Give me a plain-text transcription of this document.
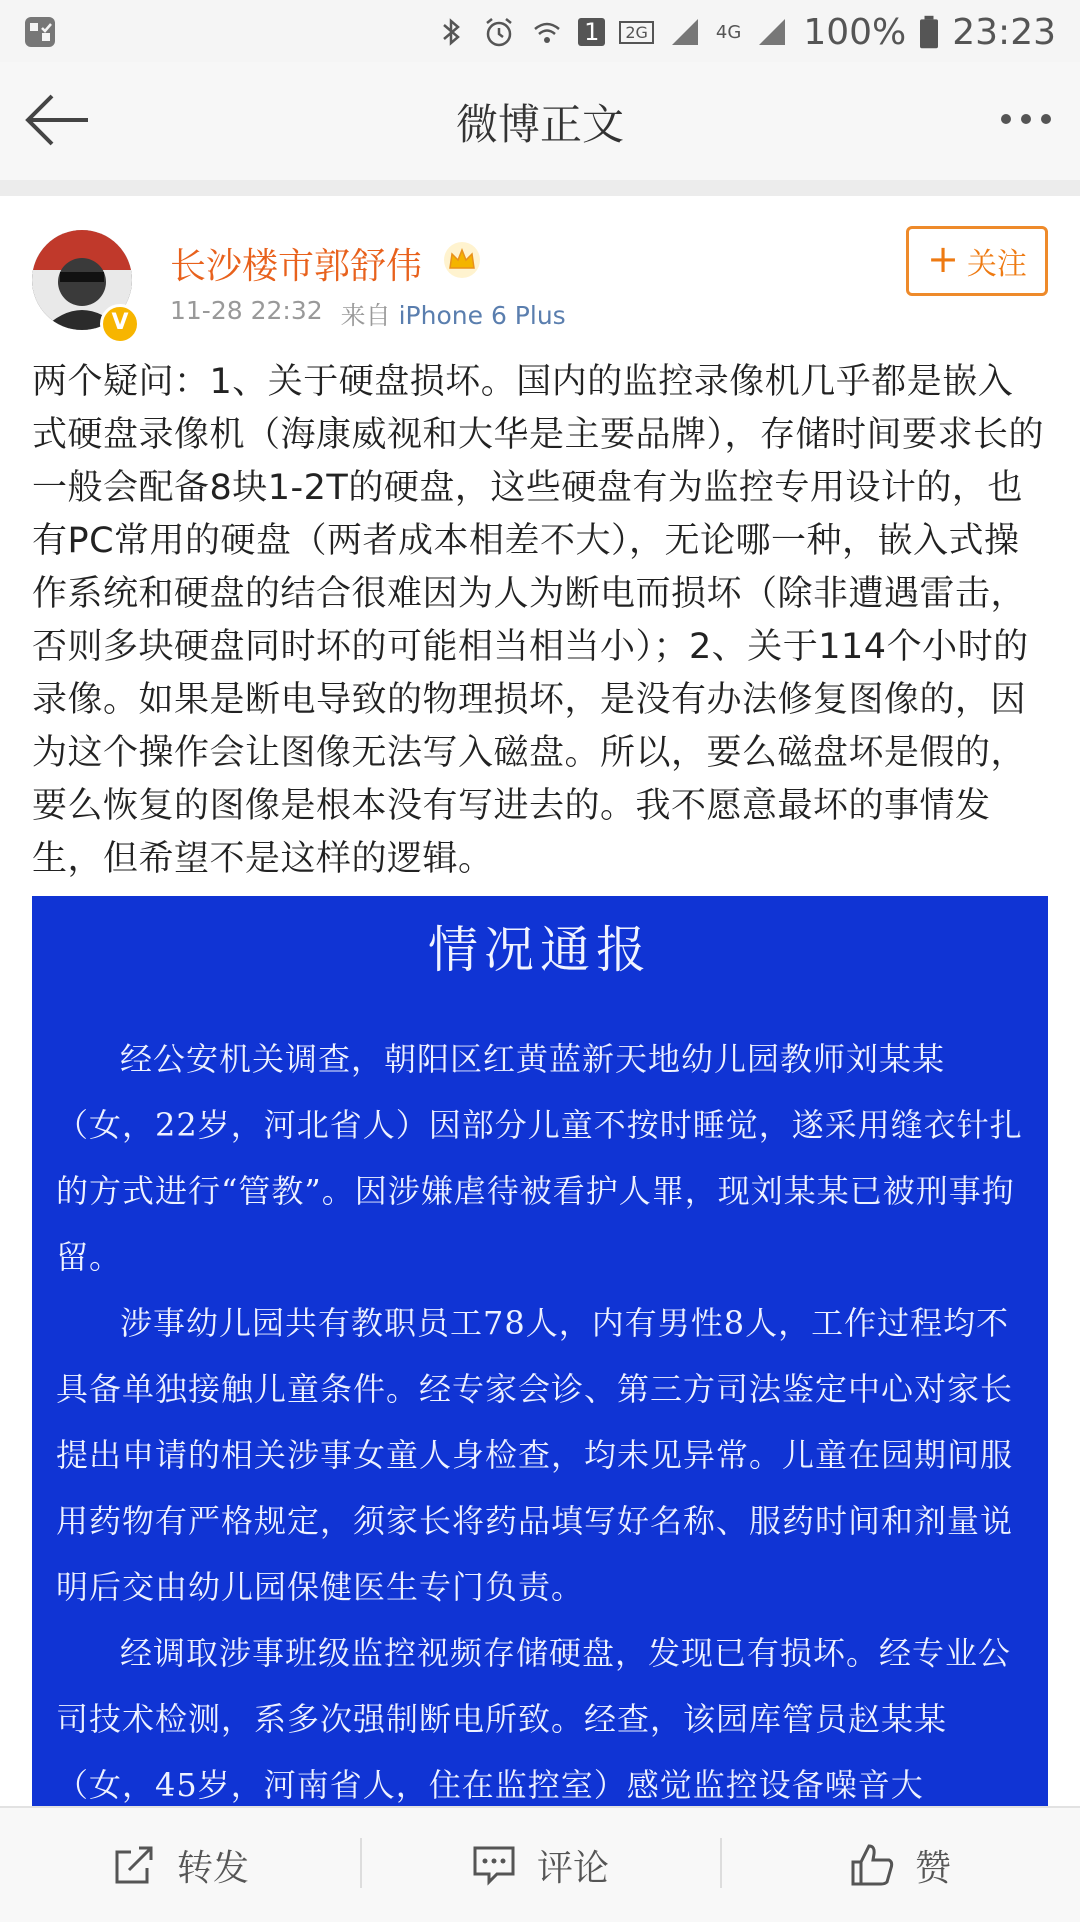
1	2G	4G 100% 23:23
微博正文
V
长沙楼市郭舒伟
11-28 22:32 来自 iPhone 6 Plus
+ 关注
两个疑问：1、关于硬盘损坏。国内的监控录像机几乎都是嵌入式硬盘录像机（海康威视和大华是主要品牌），存储时间要求长的一般会配备8块1-2T的硬盘，这些硬盘有为监控专用设计的，也有PC常用的硬盘（两者成本相差不大），无论哪一种，嵌入式操作系统和硬盘的结合很难因为人为断电而损坏（除非遭遇雷击，否则多块硬盘同时坏的可能相当相当小）；2、关于114个小时的录像。如果是断电导致的物理损坏，是没有办法修复图像的，因为这个操作会让图像无法写入磁盘。所以，要么磁盘坏是假的，要么恢复的图像是根本没有写进去的。我不愿意最坏的事情发生，但希望不是这样的逻辑。
情况通报

经公安机关调查，朝阳区红黄蓝新天地幼儿园教师刘某某（女，22岁，河北省人）因部分儿童不按时睡觉，遂采用缝衣针扎的方式进行“管教”。因涉嫌虐待被看护人罪，现刘某某已被刑事拘留。

涉事幼儿园共有教职员工78人，内有男性8人，工作过程均不具备单独接触儿童条件。经专家会诊、第三方司法鉴定中心对家长提出申请的相关涉事女童人身检查，均未见异常。儿童在园期间服用药物有严格规定，须家长将药品填写好名称、服药时间和剂量说明后交由幼儿园保健医生专门负责。

经调取涉事班级监控视频存储硬盘，发现已有损坏。经专业公司技术检测，系多次强制断电所致。经查，该园库管员赵某某（女，45岁，河南省人，住在监控室）感觉监控设备噪音大

转发	评论	赞
